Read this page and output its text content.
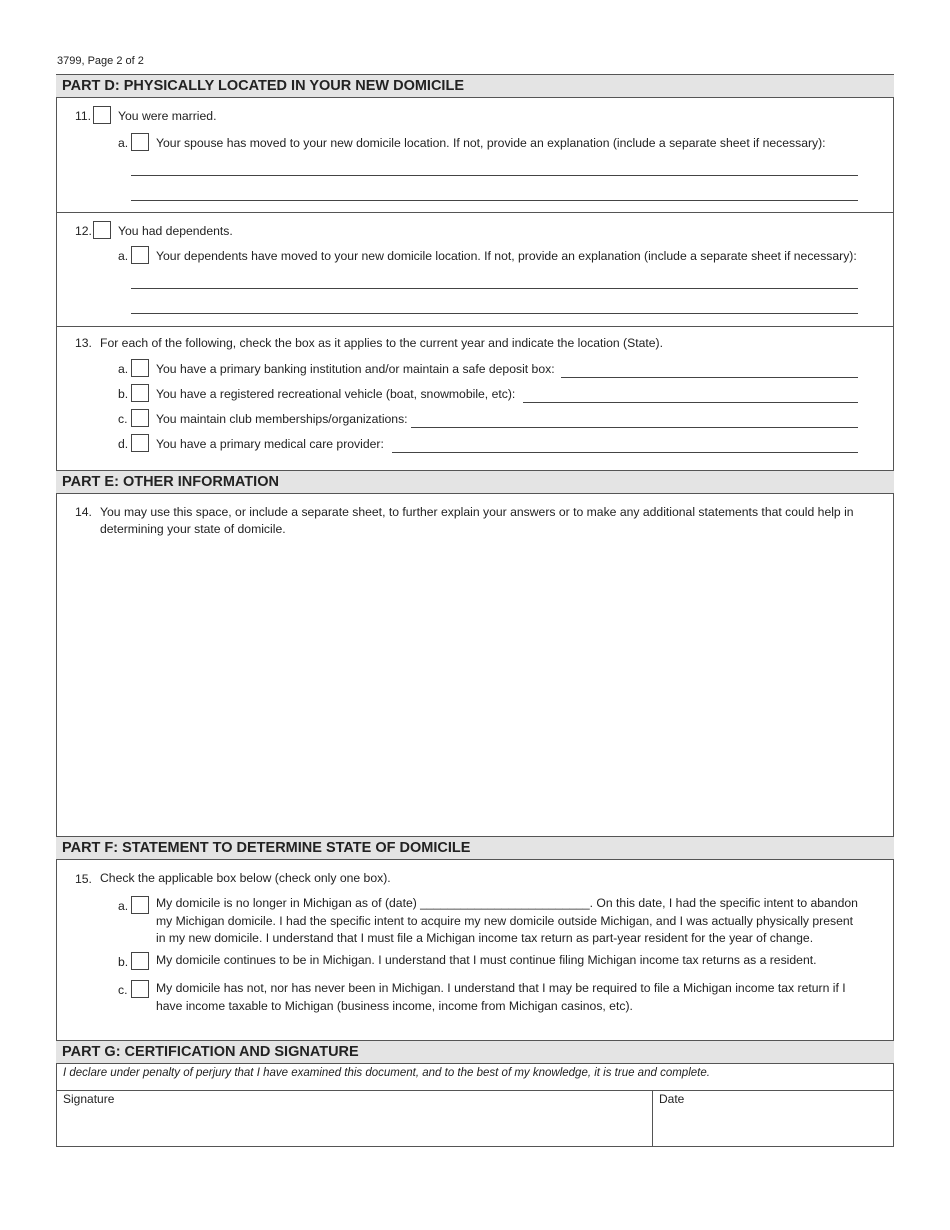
3799, Page 2 of 2
PART D: PHYSICALLY LOCATED IN YOUR NEW DOMICILE
11. You were married.
a. Your spouse has moved to your new domicile location. If not, provide an explanation (include a separate sheet if necessary):
12. You had dependents.
a. Your dependents have moved to your new domicile location. If not, provide an explanation (include a separate sheet if necessary):
13. For each of the following, check the box as it applies to the current year and indicate the location (State).
a. You have a primary banking institution and/or maintain a safe deposit box:
b. You have a registered recreational vehicle (boat, snowmobile, etc):
c. You maintain club memberships/organizations:
d. You have a primary medical care provider:
PART E: OTHER INFORMATION
14. You may use this space, or include a separate sheet, to further explain your answers or to make any additional statements that could help in
determining your state of domicile.
PART F: STATEMENT TO DETERMINE STATE OF DOMICILE
15. Check the applicable box below (check only one box).
a. My domicile is no longer in Michigan as of (date) _________________________. On this date, I had the specific intent to abandon
my Michigan domicile. I had the specific intent to acquire my new domicile outside Michigan, and I was actually physically present
in my new domicile. I understand that I must file a Michigan income tax return as part-year resident for the year of change.
b. My domicile continues to be in Michigan. I understand that I must continue filing Michigan income tax returns as a resident.
c. My domicile has not, nor has never been in Michigan. I understand that I may be required to file a Michigan income tax return if I
have income taxable to Michigan (business income, income from Michigan casinos, etc).
PART G: CERTIFICATION AND SIGNATURE
I declare under penalty of perjury that I have examined this document, and to the best of my knowledge, it is true and complete.
Signature	Date
